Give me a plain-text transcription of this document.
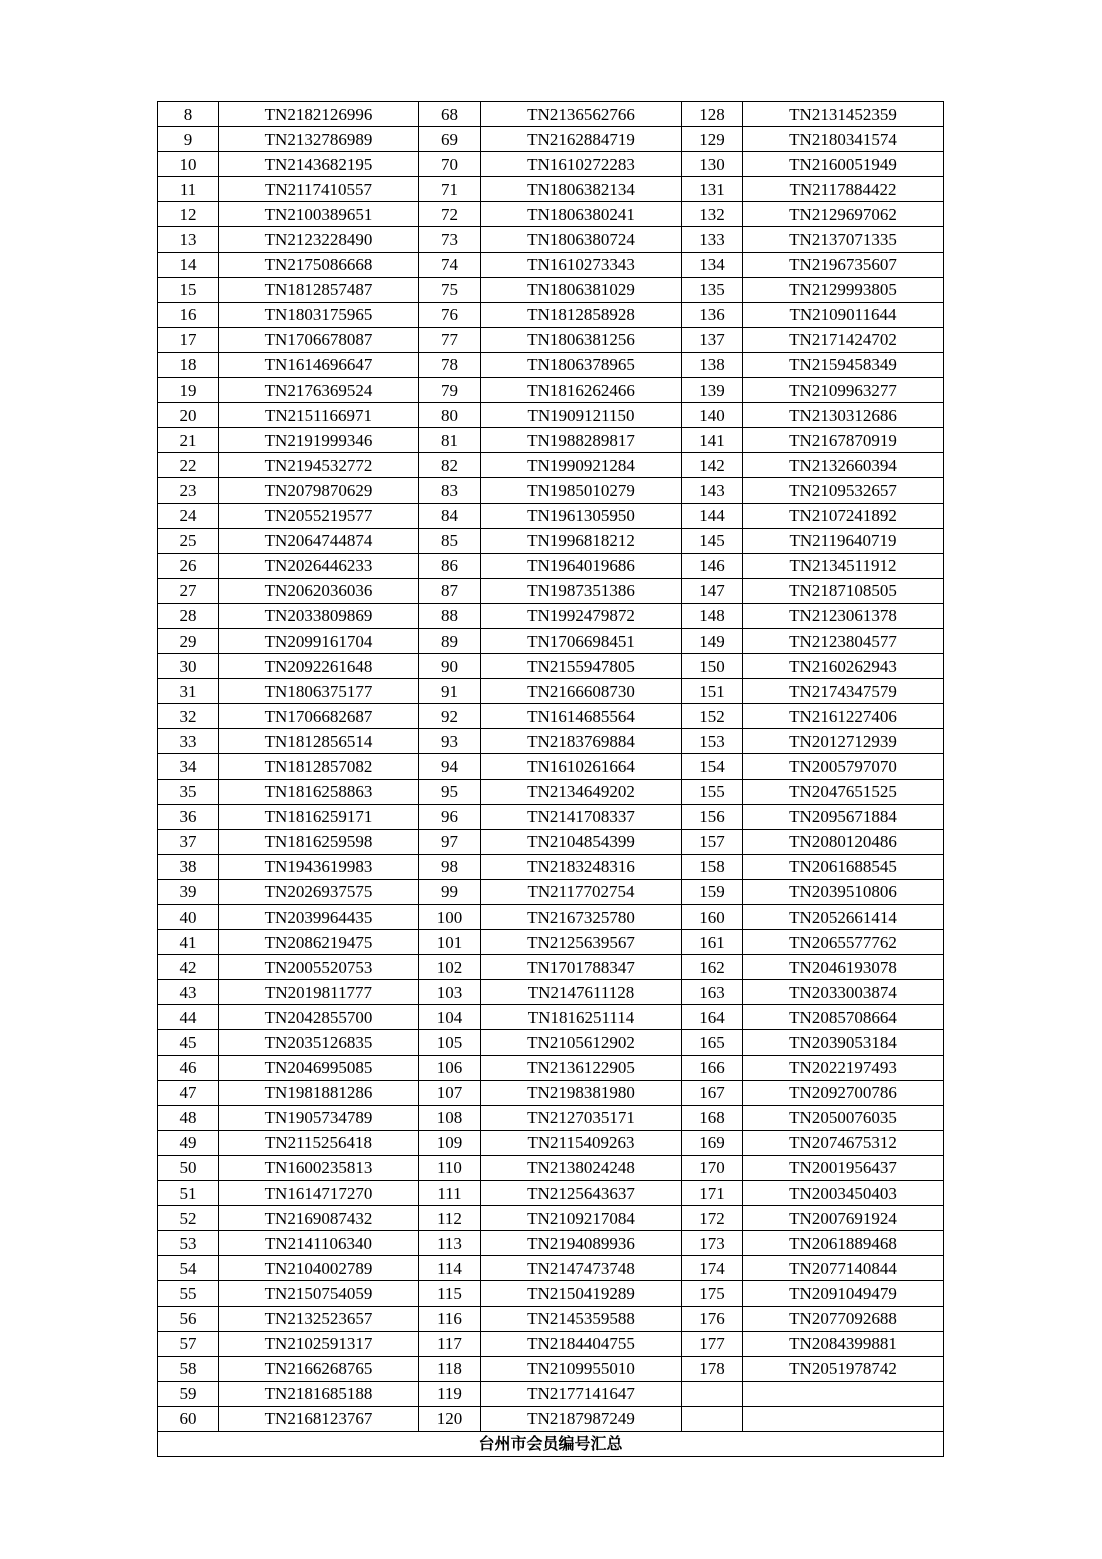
8	TN2182126996	68	TN2136562766	128	TN2131452359
9	TN2132786989	69	TN2162884719	129	TN2180341574
10	TN2143682195	70	TN1610272283	130	TN2160051949
11	TN2117410557	71	TN1806382134	131	TN2117884422
12	TN2100389651	72	TN1806380241	132	TN2129697062
13	TN2123228490	73	TN1806380724	133	TN2137071335
14	TN2175086668	74	TN1610273343	134	TN2196735607
15	TN1812857487	75	TN1806381029	135	TN2129993805
16	TN1803175965	76	TN1812858928	136	TN2109011644
17	TN1706678087	77	TN1806381256	137	TN2171424702
18	TN1614696647	78	TN1806378965	138	TN2159458349
19	TN2176369524	79	TN1816262466	139	TN2109963277
20	TN2151166971	80	TN1909121150	140	TN2130312686
21	TN2191999346	81	TN1988289817	141	TN2167870919
22	TN2194532772	82	TN1990921284	142	TN2132660394
23	TN2079870629	83	TN1985010279	143	TN2109532657
24	TN2055219577	84	TN1961305950	144	TN2107241892
25	TN2064744874	85	TN1996818212	145	TN2119640719
26	TN2026446233	86	TN1964019686	146	TN2134511912
27	TN2062036036	87	TN1987351386	147	TN2187108505
28	TN2033809869	88	TN1992479872	148	TN2123061378
29	TN2099161704	89	TN1706698451	149	TN2123804577
30	TN2092261648	90	TN2155947805	150	TN2160262943
31	TN1806375177	91	TN2166608730	151	TN2174347579
32	TN1706682687	92	TN1614685564	152	TN2161227406
33	TN1812856514	93	TN2183769884	153	TN2012712939
34	TN1812857082	94	TN1610261664	154	TN2005797070
35	TN1816258863	95	TN2134649202	155	TN2047651525
36	TN1816259171	96	TN2141708337	156	TN2095671884
37	TN1816259598	97	TN2104854399	157	TN2080120486
38	TN1943619983	98	TN2183248316	158	TN2061688545
39	TN2026937575	99	TN2117702754	159	TN2039510806
40	TN2039964435	100	TN2167325780	160	TN2052661414
41	TN2086219475	101	TN2125639567	161	TN2065577762
42	TN2005520753	102	TN1701788347	162	TN2046193078
43	TN2019811777	103	TN2147611128	163	TN2033003874
44	TN2042855700	104	TN1816251114	164	TN2085708664
45	TN2035126835	105	TN2105612902	165	TN2039053184
46	TN2046995085	106	TN2136122905	166	TN2022197493
47	TN1981881286	107	TN2198381980	167	TN2092700786
48	TN1905734789	108	TN2127035171	168	TN2050076035
49	TN2115256418	109	TN2115409263	169	TN2074675312
50	TN1600235813	110	TN2138024248	170	TN2001956437
51	TN1614717270	111	TN2125643637	171	TN2003450403
52	TN2169087432	112	TN2109217084	172	TN2007691924
53	TN2141106340	113	TN2194089936	173	TN2061889468
54	TN2104002789	114	TN2147473748	174	TN2077140844
55	TN2150754059	115	TN2150419289	175	TN2091049479
56	TN2132523657	116	TN2145359588	176	TN2077092688
57	TN2102591317	117	TN2184404755	177	TN2084399881
58	TN2166268765	118	TN2109955010	178	TN2051978742
59	TN2181685188	119	TN2177141647		
60	TN2168123767	120	TN2187987249		
台州市会员编号汇总					
